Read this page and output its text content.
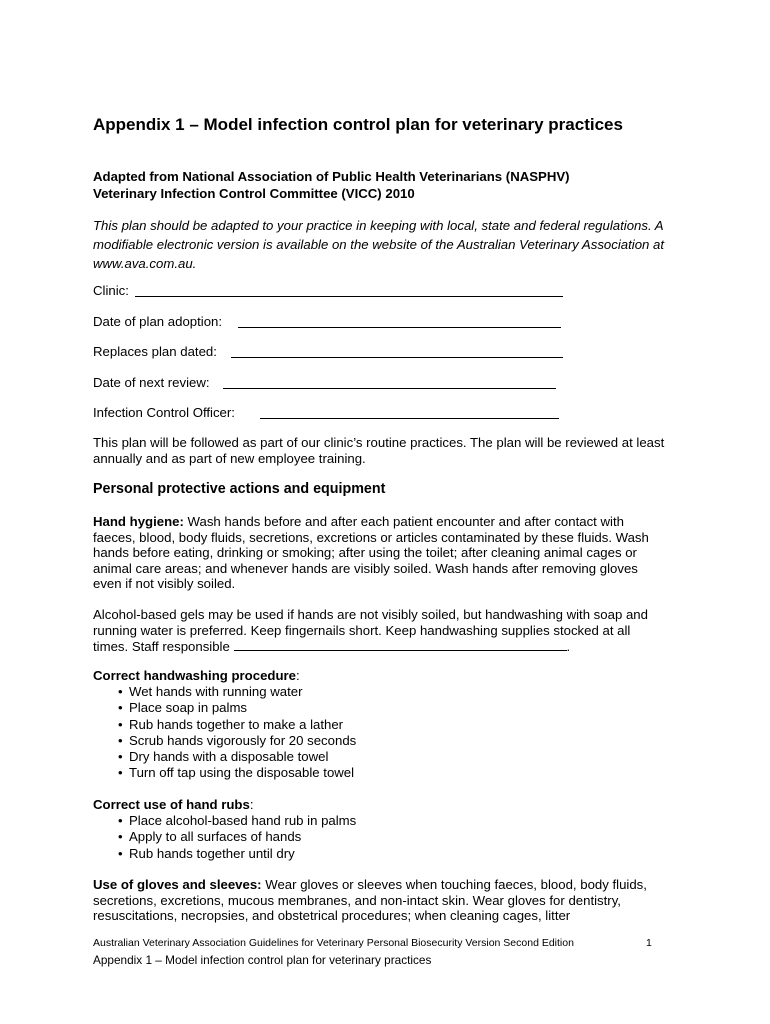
Appendix 1 – Model infection control plan for veterinary practices
Adapted from National Association of Public Health Veterinarians (NASPHV)
Veterinary Infection Control Committee (VICC) 2010

This plan should be adapted to your practice in keeping with local, state and federal regulations. A modifiable electronic version is available on the website of the Australian Veterinary Association at www.ava.com.au.

Clinic:
Date of plan adoption:
Replaces plan dated:
Date of next review:
Infection Control Officer:

This plan will be followed as part of our clinic’s routine practices. The plan will be reviewed at least annually and as part of new employee training.

Personal protective actions and equipment

Hand hygiene: Wash hands before and after each patient encounter and after contact with faeces, blood, body fluids, secretions, excretions or articles contaminated by these fluids. Wash hands before eating, drinking or smoking; after using the toilet; after cleaning animal cages or animal care areas; and whenever hands are visibly soiled. Wash hands after removing gloves even if not visibly soiled.

Alcohol-based gels may be used if hands are not visibly soiled, but handwashing with soap and running water is preferred. Keep fingernails short. Keep handwashing supplies stocked at all times. Staff responsible	.

Correct handwashing procedure:

• Wet hands with running water
• Place soap in palms
• Rub hands together to make a lather
• Scrub hands vigorously for 20 seconds
• Dry hands with a disposable towel
• Turn off tap using the disposable towel

Correct use of hand rubs:

• Place alcohol-based hand rub in palms
• Apply to all surfaces of hands
• Rub hands together until dry

Use of gloves and sleeves: Wear gloves or sleeves when touching faeces, blood, body fluids, secretions, excretions, mucous membranes, and non-intact skin. Wear gloves for dentistry, resuscitations, necropsies, and obstetrical procedures; when cleaning cages, litter

Australian Veterinary Association Guidelines for Veterinary Personal Biosecurity Version Second Edition	1
Appendix 1 – Model infection control plan for veterinary practices
